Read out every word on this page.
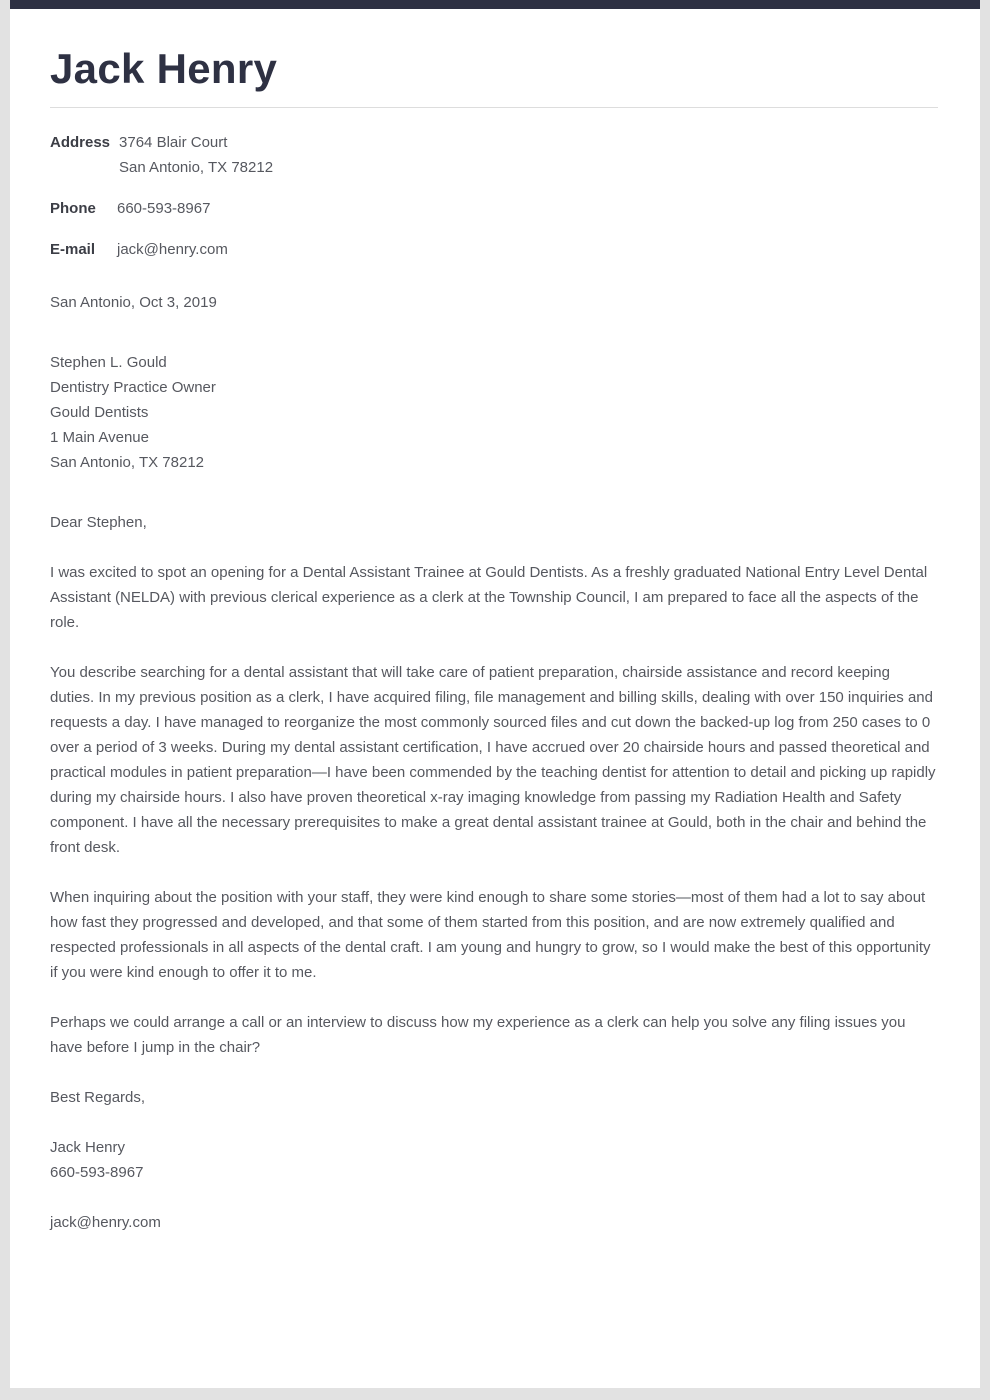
Jack Henry
Address 3764 Blair Court
San Antonio, TX 78212
Phone	660-593-8967
E-mail	jack@henry.com
San Antonio, Oct 3, 2019
Stephen L. Gould
Dentistry Practice Owner
Gould Dentists
1 Main Avenue
San Antonio, TX 78212
Dear Stephen,

I was excited to spot an opening for a Dental Assistant Trainee at Gould Dentists. As a freshly graduated National Entry Level Dental Assistant (NELDA) with previous clerical experience as a clerk at the Township Council, I am prepared to face all the aspects of the role.

You describe searching for a dental assistant that will take care of patient preparation, chairside assistance and record keeping duties. In my previous position as a clerk, I have acquired filing, file management and billing skills, dealing with over 150 inquiries and requests a day. I have managed to reorganize the most commonly sourced files and cut down the backed-up log from 250 cases to 0 over a period of 3 weeks. During my dental assistant certification, I have accrued over 20 chairside hours and passed theoretical and practical modules in patient preparation—I have been commended by the teaching dentist for attention to detail and picking up rapidly during my chairside hours. I also have proven theoretical x-ray imaging knowledge from passing my Radiation Health and Safety component. I have all the necessary prerequisites to make a great dental assistant trainee at Gould, both in the chair and behind the front desk.

When inquiring about the position with your staff, they were kind enough to share some stories—most of them had a lot to say about how fast they progressed and developed, and that some of them started from this position, and are now extremely qualified and respected professionals in all aspects of the dental craft. I am young and hungry to grow, so I would make the best of this opportunity if you were kind enough to offer it to me.

Perhaps we could arrange a call or an interview to discuss how my experience as a clerk can help you solve any filing issues you have before I jump in the chair?

Best Regards,
Jack Henry
660-593-8967
jack@henry.com
